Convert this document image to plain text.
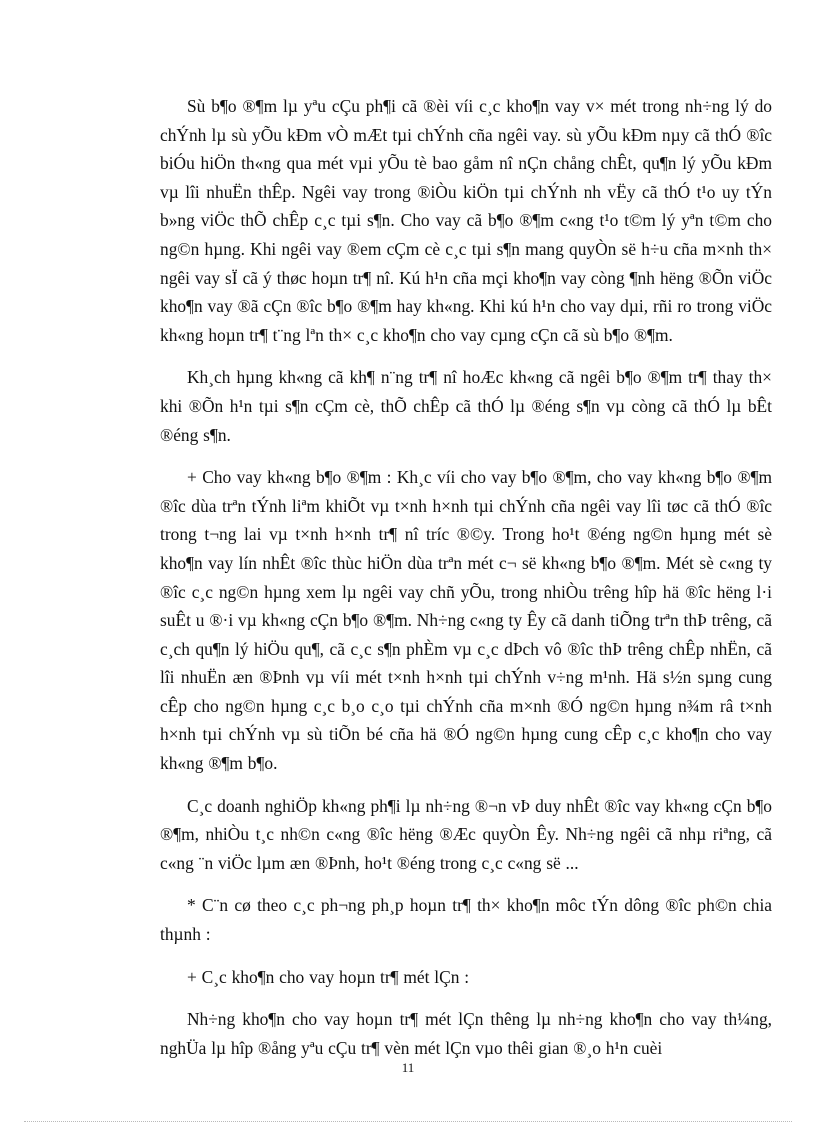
Sù b¶o ®¶m lµ yªu cÇu ph¶i cã ®èi víi c¸c kho¶n vay v× mét trong nh÷ng lý do chÝnh lµ sù yÕu kÐm vÒ mÆt tµi chÝnh cña ngêi vay. sù yÕu kÐm nµy cã thÓ ®îc biÓu hiÖn th«ng qua mét vµi yÕu tè bao gåm nî nÇn chång chÊt, qu¶n lý yÕu kÐm vµ lîi nhuËn thÊp. Ngêi vay trong ®iÒu kiÖn tµi chÝnh nh vËy cã thÓ t¹o uy tÝn b»ng viÖc thÕ chÊp c¸c tµi s¶n. Cho vay cã b¶o ®¶m c«ng t¹o t©m lý yªn t©m cho ng©n hµng. Khi ngêi vay ®em cÇm cè c¸c tµi s¶n mang quyÒn së h÷u cña m×nh th× ngêi vay sÏ cã ý thøc hoµn tr¶ nî. Kú h¹n cña mçi kho¶n vay còng ¶nh hëng ®Õn viÖc kho¶n vay ®ã cÇn ®îc b¶o ®¶m hay kh«ng. Khi kú h¹n cho vay dµi, rñi ro trong viÖc kh«ng hoµn tr¶ t¨ng lªn th× c¸c kho¶n cho vay cµng cÇn cã sù b¶o ®¶m.

Kh¸ch hµng kh«ng cã kh¶ n¨ng tr¶ nî hoÆc kh«ng cã ngêi b¶o ®¶m tr¶ thay th× khi ®Õn h¹n tµi s¶n cÇm cè, thÕ chÊp cã thÓ lµ ®éng s¶n vµ còng cã thÓ lµ bÊt ®éng s¶n.

+ Cho vay kh«ng b¶o ®¶m : Kh¸c víi cho vay b¶o ®¶m, cho vay kh«ng b¶o ®¶m ®îc dùa trªn tÝnh liªm khiÕt vµ t×nh h×nh tµi chÝnh cña ngêi vay lîi tøc cã thÓ ®îc trong t¬ng lai vµ t×nh h×nh tr¶ nî tríc ®©y. Trong ho¹t ®éng ng©n hµng mét sè kho¶n vay lín nhÊt ®îc thùc hiÖn dùa trªn mét c¬ së kh«ng b¶o ®¶m. Mét sè c«ng ty ®îc c¸c ng©n hµng xem lµ ngêi vay chñ yÕu, trong nhiÒu trêng hîp hä ®îc hëng l·i suÊt u ®·i vµ kh«ng cÇn b¶o ®¶m. Nh÷ng c«ng ty Êy cã danh tiÕng trªn thÞ trêng, cã c¸ch qu¶n lý hiÖu qu¶, cã c¸c s¶n phÈm vµ c¸c dÞch vô ®îc thÞ trêng chÊp nhËn, cã lîi nhuËn æn ®Þnh vµ víi mét t×nh h×nh tµi chÝnh v÷ng m¹nh. Hä s½n sµng cung cÊp cho ng©n hµng c¸c b¸o c¸o tµi chÝnh cña m×nh ®Ó ng©n hµng n¾m râ t×nh h×nh tµi chÝnh vµ sù tiÕn bé cña hä ®Ó ng©n hµng cung cÊp c¸c kho¶n cho vay kh«ng ®¶m b¶o.

C¸c doanh nghiÖp kh«ng ph¶i lµ nh÷ng ®¬n vÞ duy nhÊt ®îc vay kh«ng cÇn b¶o ®¶m, nhiÒu t¸c nh©n c«ng ®îc hëng ®Æc quyÒn Êy. Nh÷ng ngêi cã nhµ riªng, cã c«ng ¨n viÖc lµm æn ®Þnh, ho¹t ®éng trong c¸c c«ng së ...

* C¨n cø theo c¸c ph¬ng ph¸p hoµn tr¶ th× kho¶n môc tÝn dông ®îc ph©n chia thµnh :

+ C¸c kho¶n cho vay hoµn tr¶ mét lÇn :

Nh÷ng kho¶n cho vay hoµn tr¶ mét lÇn thêng lµ nh÷ng kho¶n cho vay th¼ng, nghÜa lµ hîp ®ång yªu cÇu tr¶ vèn mét lÇn vµo thêi gian ®¸o h¹n cuèi

11
